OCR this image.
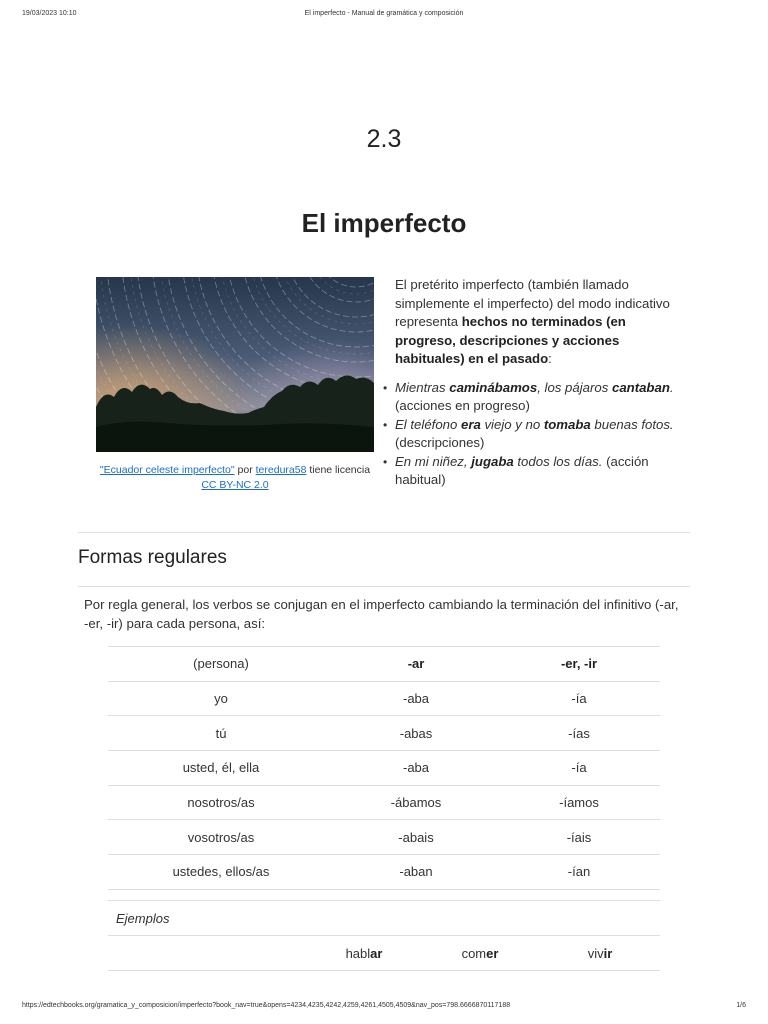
19/03/2023 10:10	El imperfecto - Manual de gramática y composición
2.3
El imperfecto
"Ecuador celeste imperfecto" por teredura58 tiene licencia
CC BY-NC 2.0

El pretérito imperfecto (también llamado simplemente el imperfecto) del modo indicativo representa hechos no terminados (en progreso, descripciones y acciones habituales) en el pasado:

• Mientras caminábamos, los pájaros cantaban. (acciones en progreso)
• El teléfono era viejo y no tomaba buenas fotos. (descripciones)
• En mi niñez, jugaba todos los días. (acción habitual)
Formas regulares

Por regla general, los verbos se conjugan en el imperfecto cambiando la terminación del infinitivo (-ar, -er, -ir) para cada persona, así:

(persona)	-ar	-er, -ir
yo	-aba	-ía
tú	-abas	-ías
usted, él, ella	-aba	-ía
nosotros/as	-ábamos	-íamos
vosotros/as	-abais	-íais
ustedes, ellos/as	-aban	-ían
Ejemplos
	hablar	comer	vivir
https://edtechbooks.org/gramatica_y_composicion/imperfecto?book_nav=true&opens=4234,4235,4242,4259,4261,4505,4509&nav_pos=798.6666870117188	1/6
